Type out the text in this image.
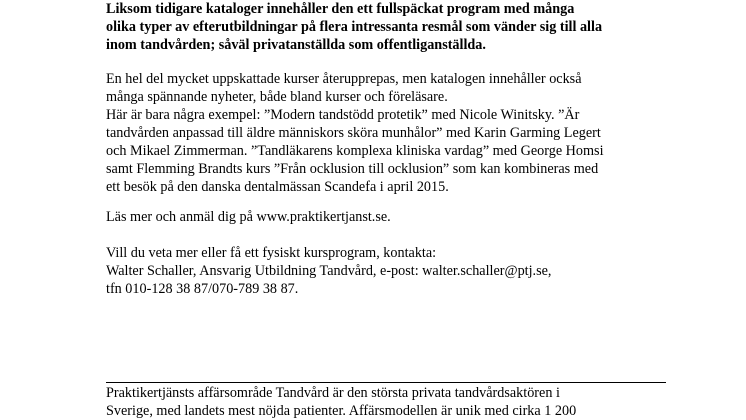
Liksom tidigare kataloger innehåller den ett fullspäckat program med många
olika typer av efterutbildningar på flera intressanta resmål som vänder sig till alla
inom tandvården; såväl privatanställda som offentliganställda.
En hel del mycket uppskattade kurser återupprepas, men katalogen innehåller också
många spännande nyheter, både bland kurser och föreläsare.
Här är bara några exempel: ”Modern tandstödd protetik” med Nicole Winitsky. ”Är
tandvården anpassad till äldre människors sköra munhålor” med Karin Garming Legert
och Mikael Zimmerman. ”Tandläkarens komplexa kliniska vardag” med George Homsi
samt Flemming Brandts kurs ”Från ocklusion till ocklusion” som kan kombineras med
ett besök på den danska dentalmässan Scandefa i april 2015.
Läs mer och anmäl dig på www.praktikertjanst.se.
Vill du veta mer eller få ett fysiskt kursprogram, kontakta:
Walter Schaller, Ansvarig Utbildning Tandvård, e-post: walter.schaller@ptj.se,
tfn 010-128 38 87/070-789 38 87.
Praktikertjänsts affärsområde Tandvård är den största privata tandvårdsaktören i
Sverige, med landets mest nöjda patienter. Affärsmodellen är unik med cirka 1 200
